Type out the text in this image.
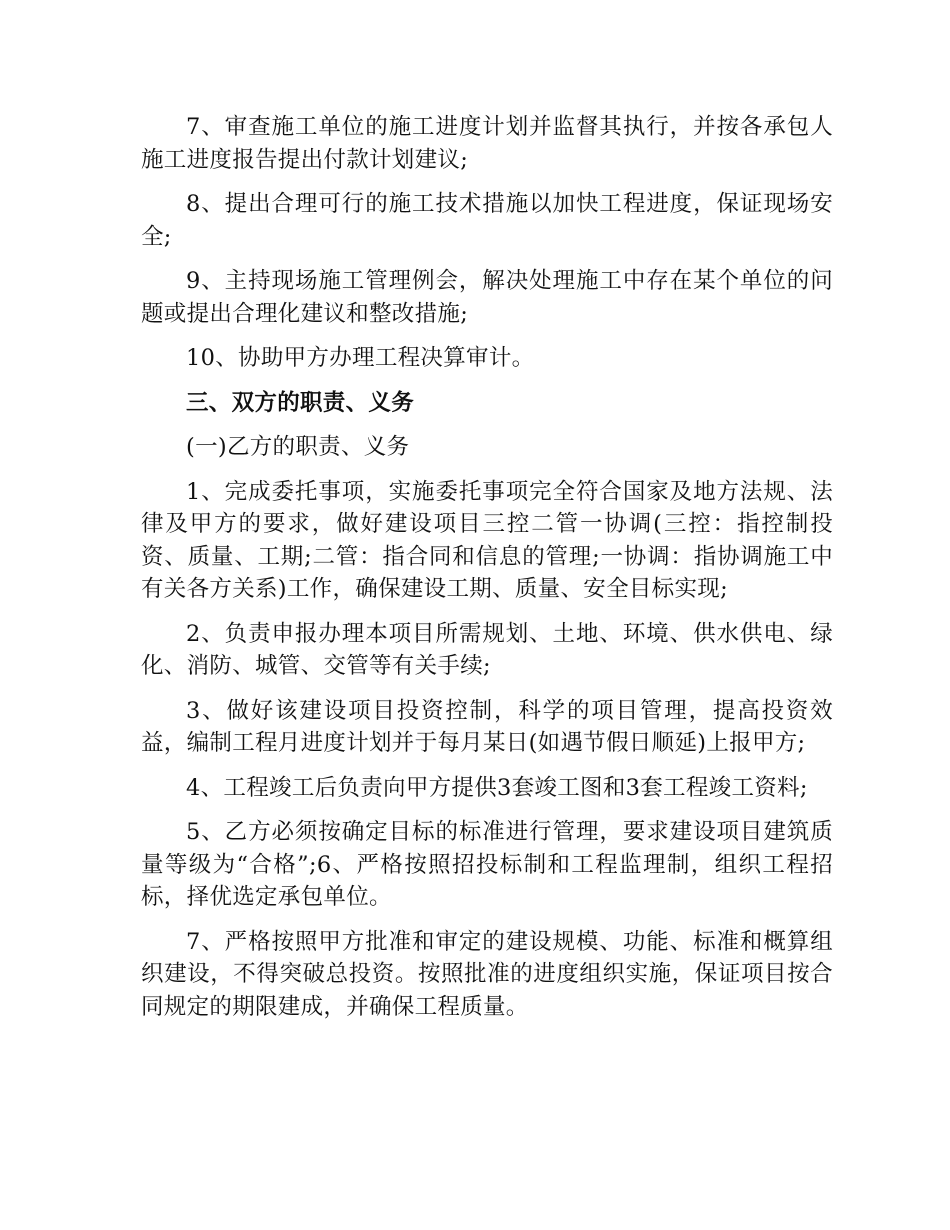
7、审查施工单位的施工进度计划并监督其执行，并按各承包人施工进度报告提出付款计划建议;

8、提出合理可行的施工技术措施以加快工程进度，保证现场安全;

9、主持现场施工管理例会，解决处理施工中存在某个单位的问题或提出合理化建议和整改措施;

10、协助甲方办理工程决算审计。

三、双方的职责、义务

(一)乙方的职责、义务

1、完成委托事项，实施委托事项完全符合国家及地方法规、法律及甲方的要求，做好建设项目三控二管一协调(三控：指控制投资、质量、工期;二管：指合同和信息的管理;一协调：指协调施工中有关各方关系)工作，确保建设工期、质量、安全目标实现;

2、负责申报办理本项目所需规划、土地、环境、供水供电、绿化、消防、城管、交管等有关手续;

3、做好该建设项目投资控制，科学的项目管理，提高投资效益，编制工程月进度计划并于每月某日(如遇节假日顺延)上报甲方;

4、工程竣工后负责向甲方提供3套竣工图和3套工程竣工资料;

5、乙方必须按确定目标的标准进行管理，要求建设项目建筑质量等级为“合格”;6、严格按照招投标制和工程监理制，组织工程招标，择优选定承包单位。

7、严格按照甲方批准和审定的建设规模、功能、标准和概算组织建设，不得突破总投资。按照批准的进度组织实施，保证项目按合同规定的期限建成，并确保工程质量。
